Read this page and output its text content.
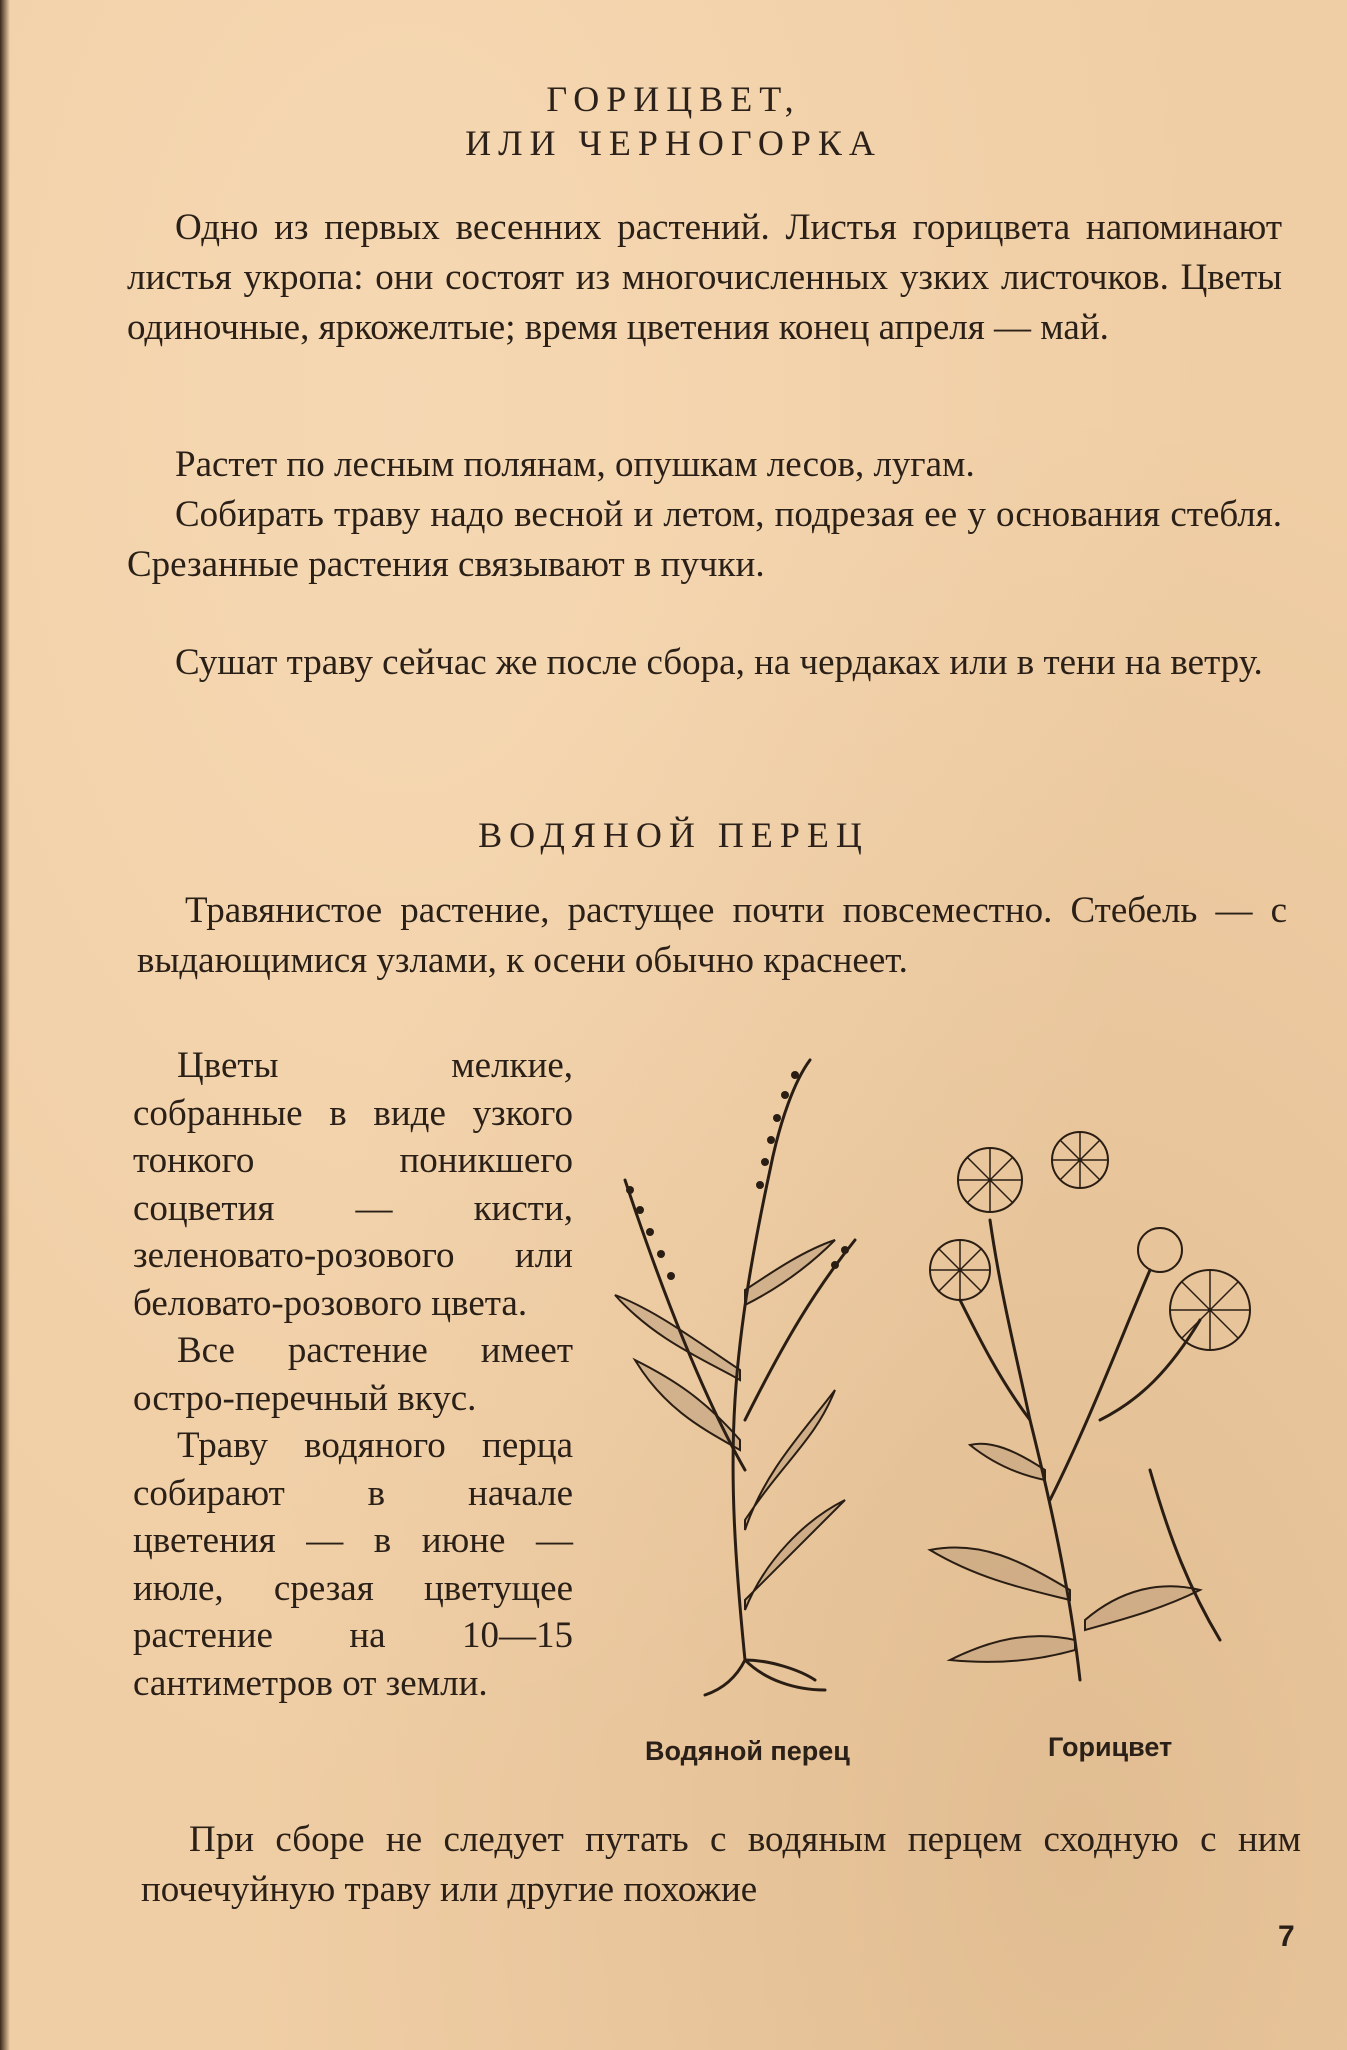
ГОРИЦВЕТ,
ИЛИ ЧЕРНОГОРКА
Одно из первых весенних растений. Листья горицвета напоминают листья укропа: они состоят из многочисленных узких листочков. Цветы одиночные, яркожелтые; время цветения конец апреля — май.
Растет по лесным полянам, опушкам лесов, лугам.
Собирать траву надо весной и летом, подрезая ее у основания стебля. Срезанные растения связывают в пучки.
Сушат траву сейчас же после сбора, на чердаках или в тени на ветру.
ВОДЯНОЙ ПЕРЕЦ
Травянистое растение, растущее почти повсеместно. Стебель — с выдающимися узлами, к осени обычно краснеет.

Цветы мелкие, собранные в виде узкого тонкого поникшего соцветия — кисти, зеленовато-розового или беловато-розового цвета.

Все растение имеет остро-перечный вкус.

Траву водяного перца собирают в начале цветения — в июне — июле, срезая цветущее растение на 10—15 сантиметров от земли.

Водяной перец	Горицвет
При сборе не следует путать с водяным перцем сходную с ним почечуйную траву или другие похожие
7
